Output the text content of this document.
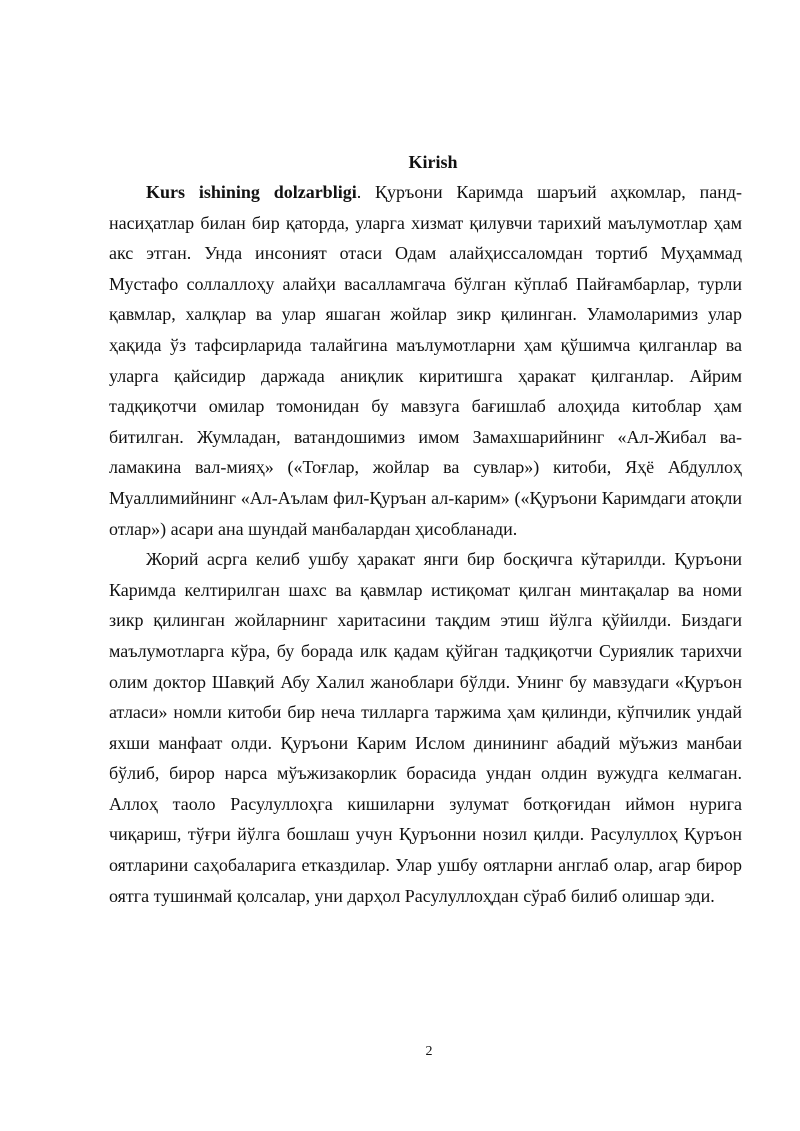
Kirish

Kurs ishining dolzarbligi. Қуръони Каримда шаръий аҳкомлар, панд-насиҳатлар билан бир қаторда, уларга хизмат қилувчи тарихий маълумотлар ҳам акс этган. Унда инсоният отаси Одам алайҳиссаломдан тортиб Муҳаммад Мустафо соллаллоҳу алайҳи васалламгача бўлган кўплаб Пайғамбарлар, турли қавмлар, халқлар ва улар яшаган жойлар зикр қилинган. Уламоларимиз улар ҳақида ўз тафсирларида талайгина маълумотларни ҳам қўшимча қилганлар ва уларга қайсидир даржада аниқлик киритишга ҳаракат қилганлар. Айрим тадқиқотчи омилар томонидан бу мавзуга бағишлаб алоҳида китоблар ҳам битилган. Жумладан, ватандошимиз имом Замахшарийнинг «Ал-Жибал ва-ламакина вал-мияҳ» («Тоғлар, жойлар ва сувлар») китоби, Яҳё Абдуллоҳ Муаллимийнинг «Ал-Аълам фил-Қуръан ал-карим» («Қуръони Каримдаги атоқли отлар») асари ана шундай манбалардан ҳисобланади.

Жорий асрга келиб ушбу ҳаракат янги бир босқичга кўтарилди. Қуръони Каримда келтирилган шахс ва қавмлар истиқомат қилган минтақалар ва номи зикр қилинган жойларнинг харитасини тақдим этиш йўлга қўйилди. Биздаги маълумотларга кўра, бу борада илк қадам қўйган тадқиқотчи Суриялик тарихчи олим доктор Шавқий Абу Халил жаноблари бўлди. Унинг бу мавзудаги «Қуръон атласи» номли китоби бир неча тилларга таржима ҳам қилинди, кўпчилик ундай яхши манфаат олди. Қуръони Карим Ислом динининг абадий мўъжиз манбаи бўлиб, бирор нарса мўъжизакорлик борасида ундан олдин вужудга келмаган. Аллоҳ таоло Расулуллоҳга кишиларни зулумат ботқоғидан иймон нурига чиқариш, тўғри йўлга бошлаш учун Қуръонни нозил қилди. Расулуллоҳ Қуръон оятларини саҳобаларига етказдилар. Улар ушбу оятларни англаб олар, агар бирор оятга тушинмай қолсалар, уни дарҳол Расулуллоҳдан сўраб билиб олишар эди.

2
